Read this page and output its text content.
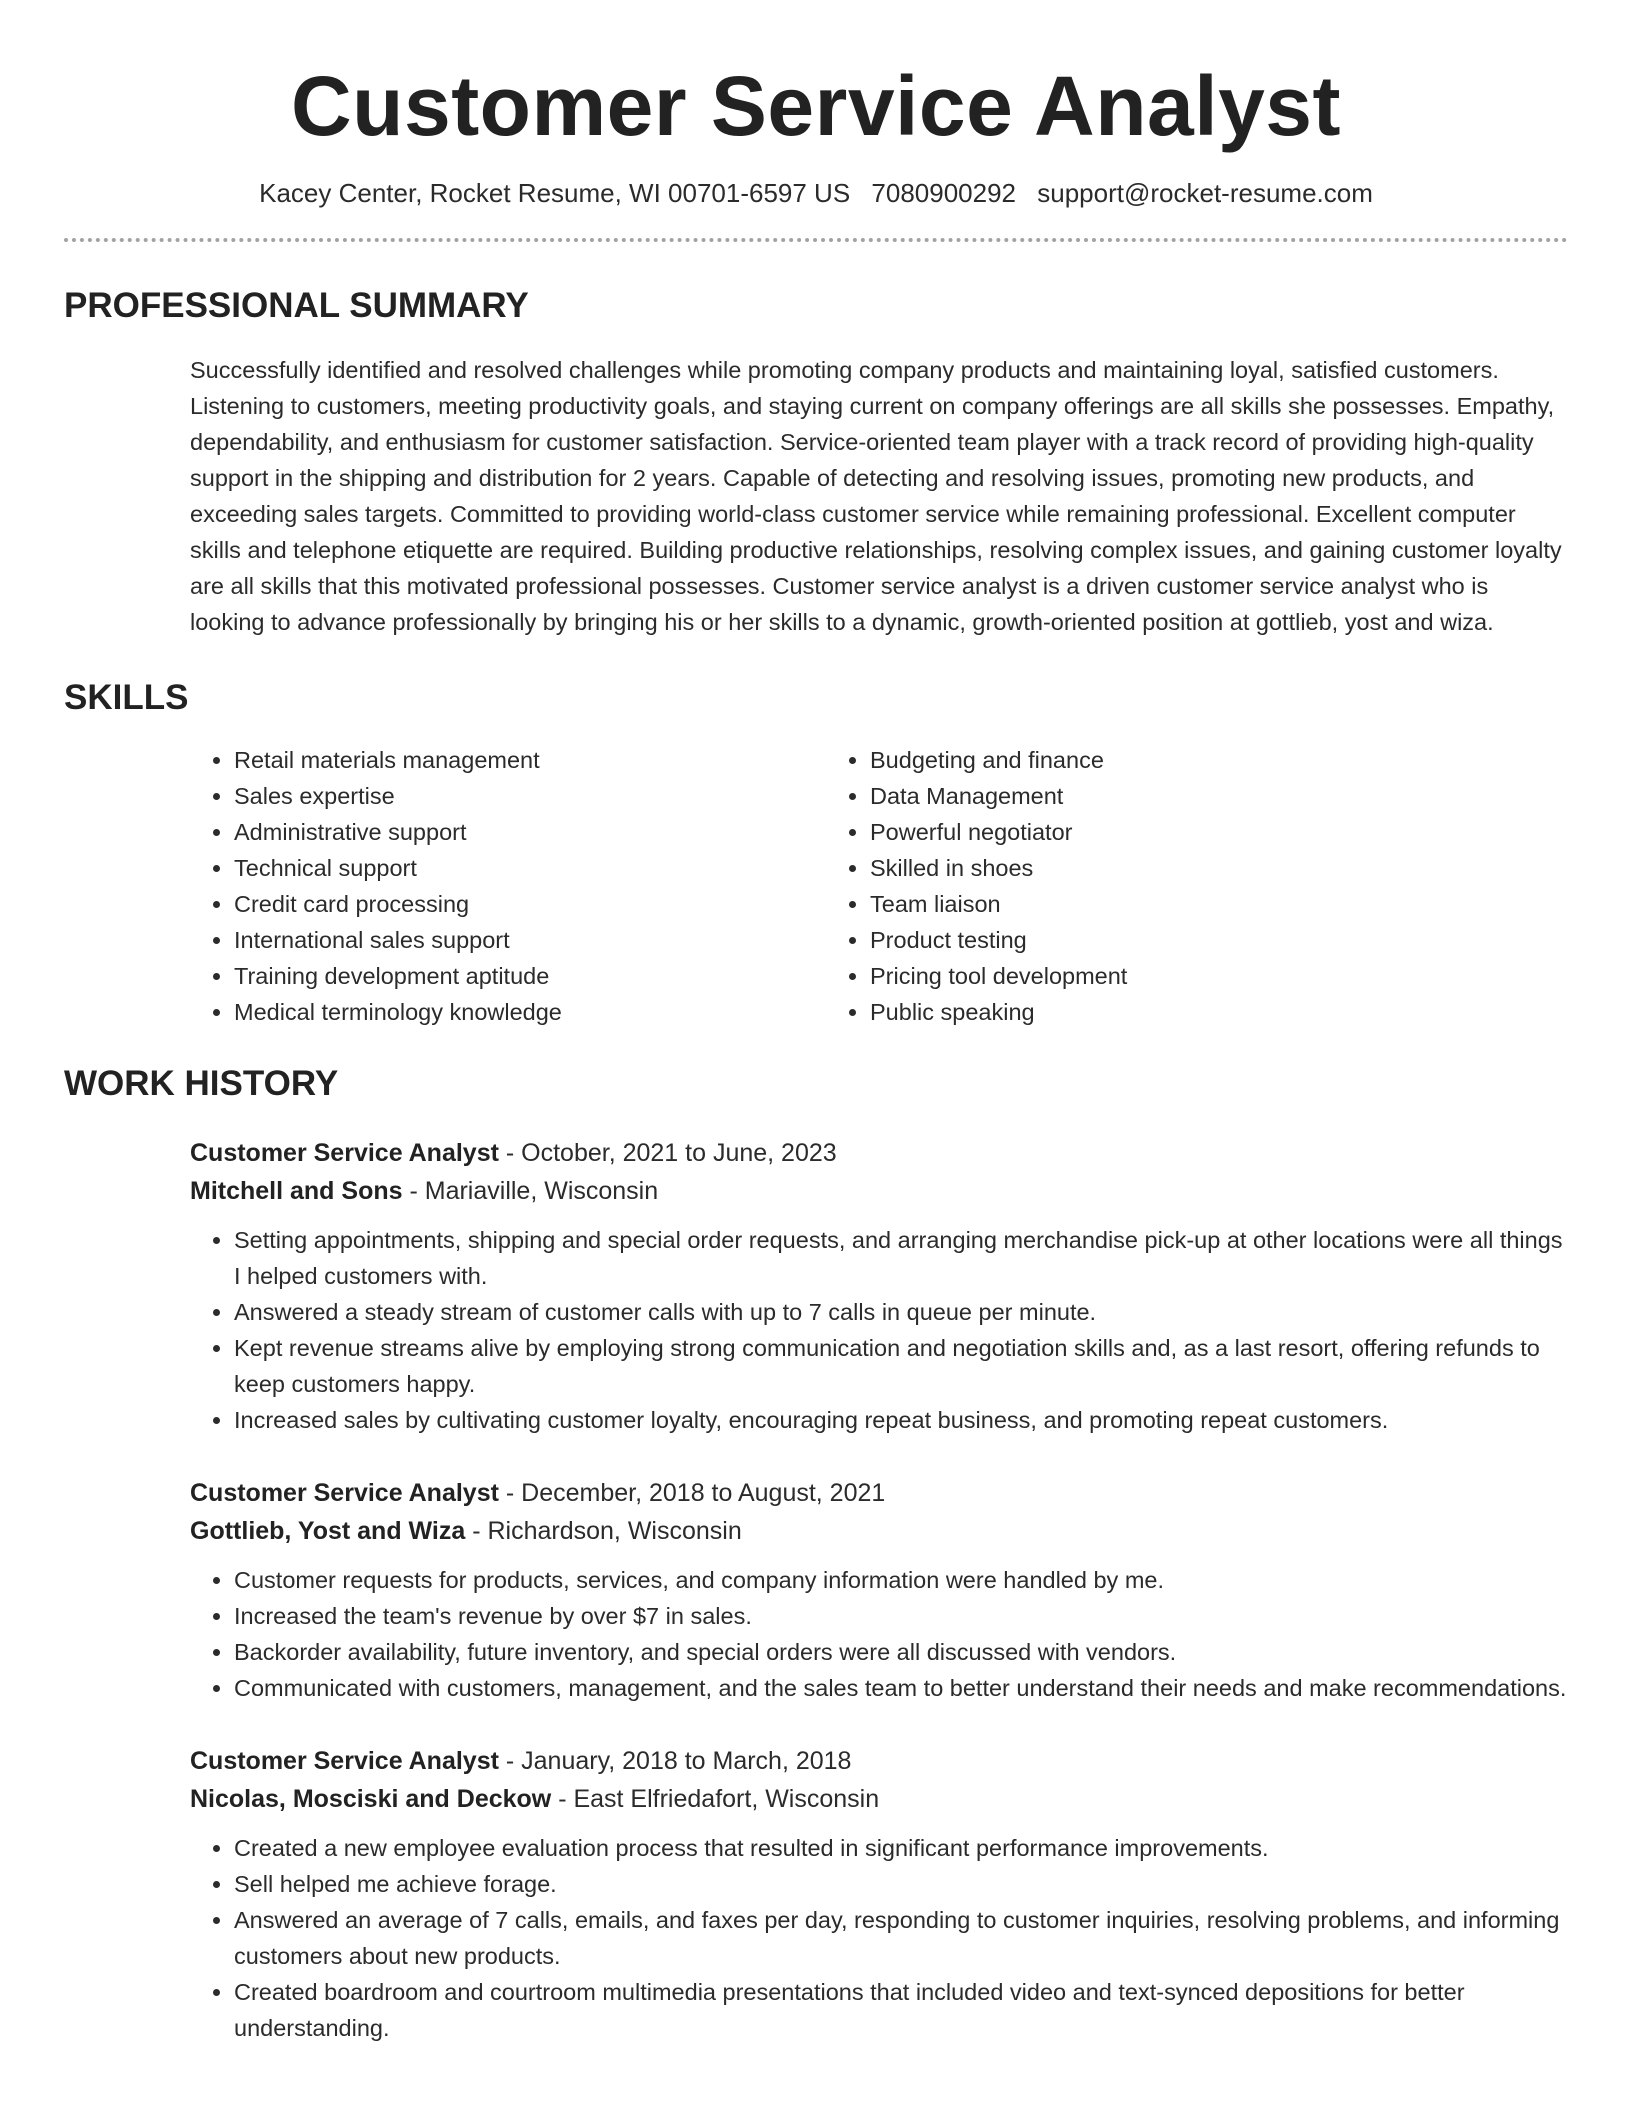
Customer Service Analyst
Kacey Center, Rocket Resume, WI 00701-6597 US 7080900292 support@rocket-resume.com
PROFESSIONAL SUMMARY

Successfully identified and resolved challenges while promoting company products and maintaining loyal, satisfied customers. Listening to customers, meeting productivity goals, and staying current on company offerings are all skills she possesses. Empathy, dependability, and enthusiasm for customer satisfaction. Service-oriented team player with a track record of providing high-quality support in the shipping and distribution for 2 years. Capable of detecting and resolving issues, promoting new products, and exceeding sales targets. Committed to providing world-class customer service while remaining professional. Excellent computer skills and telephone etiquette are required. Building productive relationships, resolving complex issues, and gaining customer loyalty are all skills that this motivated professional possesses. Customer service analyst is a driven customer service analyst who is looking to advance professionally by bringing his or her skills to a dynamic, growth-oriented position at gottlieb, yost and wiza.

SKILLS
• Retail materials management
• Sales expertise
• Administrative support
• Technical support
• Credit card processing
• International sales support
• Training development aptitude
• Medical terminology knowledge
• Budgeting and finance
• Data Management
• Powerful negotiator
• Skilled in shoes
• Team liaison
• Product testing
• Pricing tool development
• Public speaking
WORK HISTORY
Customer Service Analyst - October, 2021 to June, 2023
Mitchell and Sons - Mariaville, Wisconsin
• Setting appointments, shipping and special order requests, and arranging merchandise pick-up at other locations were all things I helped customers with.
• Answered a steady stream of customer calls with up to 7 calls in queue per minute.
• Kept revenue streams alive by employing strong communication and negotiation skills and, as a last resort, offering refunds to keep customers happy.
• Increased sales by cultivating customer loyalty, encouraging repeat business, and promoting repeat customers.
Customer Service Analyst - December, 2018 to August, 2021
Gottlieb, Yost and Wiza - Richardson, Wisconsin
• Customer requests for products, services, and company information were handled by me.
• Increased the team's revenue by over $7 in sales.
• Backorder availability, future inventory, and special orders were all discussed with vendors.
• Communicated with customers, management, and the sales team to better understand their needs and make recommendations.
Customer Service Analyst - January, 2018 to March, 2018
Nicolas, Mosciski and Deckow - East Elfriedafort, Wisconsin
• Created a new employee evaluation process that resulted in significant performance improvements.
• Sell helped me achieve forage.
• Answered an average of 7 calls, emails, and faxes per day, responding to customer inquiries, resolving problems, and informing customers about new products.
• Created boardroom and courtroom multimedia presentations that included video and text-synced depositions for better understanding.
